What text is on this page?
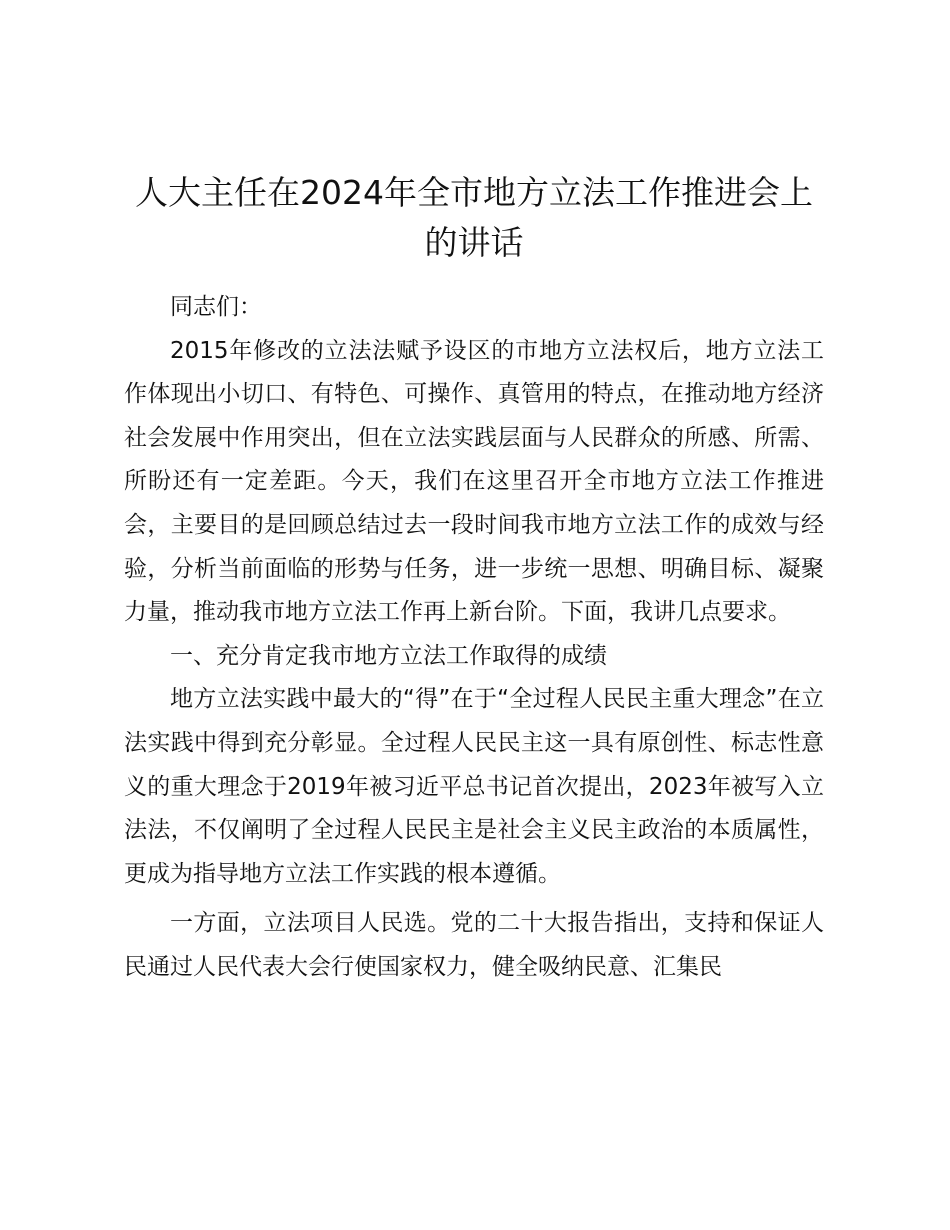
人大主任在2024年全市地方立法工作推进会上的讲话

同志们：

2015年修改的立法法赋予设区的市地方立法权后，地方立法工作体现出小切口、有特色、可操作、真管用的特点，在推动地方经济社会发展中作用突出，但在立法实践层面与人民群众的所感、所需、所盼还有一定差距。今天，我们在这里召开全市地方立法工作推进会，主要目的是回顾总结过去一段时间我市地方立法工作的成效与经验，分析当前面临的形势与任务，进一步统一思想、明确目标、凝聚力量，推动我市地方立法工作再上新台阶。下面，我讲几点要求。

一、充分肯定我市地方立法工作取得的成绩

地方立法实践中最大的“得”在于“全过程人民民主重大理念”在立法实践中得到充分彰显。全过程人民民主这一具有原创性、标志性意义的重大理念于2019年被习近平总书记首次提出，2023年被写入立法法，不仅阐明了全过程人民民主是社会主义民主政治的本质属性，更成为指导地方立法工作实践的根本遵循。

一方面，立法项目人民选。党的二十大报告指出，支持和保证人民通过人民代表大会行使国家权力，健全吸纳民意、汇集民
